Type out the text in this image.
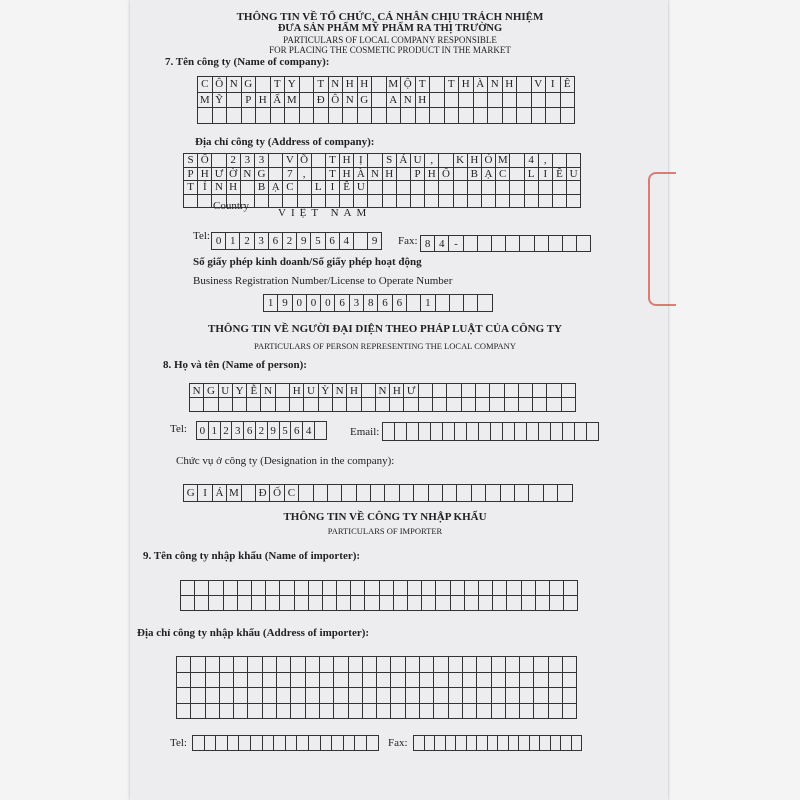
THÔNG TIN VỀ TỔ CHỨC, CÁ NHÂN CHỊU TRÁCH NHIỆM
ĐƯA SẢN PHẨM MỸ PHẨM RA THỊ TRƯỜNG
PARTICULARS OF LOCAL COMPANY RESPONSIBLE
FOR PLACING THE COSMETIC PRODUCT IN THE MARKET
7. Tên công ty (Name of company):
C Ô N G	T Y	T N H H	M Ộ T	T H À N H	V I Ê
M Ỹ	P H Ẩ M Đ Ô N G	A N H
Địa chỉ công ty (Address of company):
S Ố	2 3 3	V Õ	T H Ị	S Á U ,	K H Ó M	4 ,
P H Ư Ờ N G	7 ,	T H À N H	P H Ố	B Ạ C	L I Ê U
T Ỉ N H	B Ạ C	L I Ê U
Country
VIỆT NAM
Tel: 0 1 2 3 6 2 9 5 6 4	9	Fax: 8 4 -
Số giấy phép kinh doanh/Số giấy phép hoạt động
Business Registration Number/License to Operate Number
1 9 0 0 0 6 3 8 6 6	1
THÔNG TIN VỀ NGƯỜI ĐẠI DIỆN THEO PHÁP LUẬT CỦA CÔNG TY
PARTICULARS OF PERSON REPRESENTING THE LOCAL COMPANY
8. Họ và tên (Name of person):
N G U Y Ễ N	H U Ỳ N H	N H Ư
Tel: 0 1 2 3 6 2 9 5 6 4	Email:
Chức vụ ở công ty (Designation in the company):
G I Á M Đ Ố C
THÔNG TIN VỀ CÔNG TY NHẬP KHẨU
PARTICULARS OF IMPORTER
9. Tên công ty nhập khẩu (Name of importer):
Địa chỉ công ty nhập khẩu (Address of importer):
Tel:	Fax:
